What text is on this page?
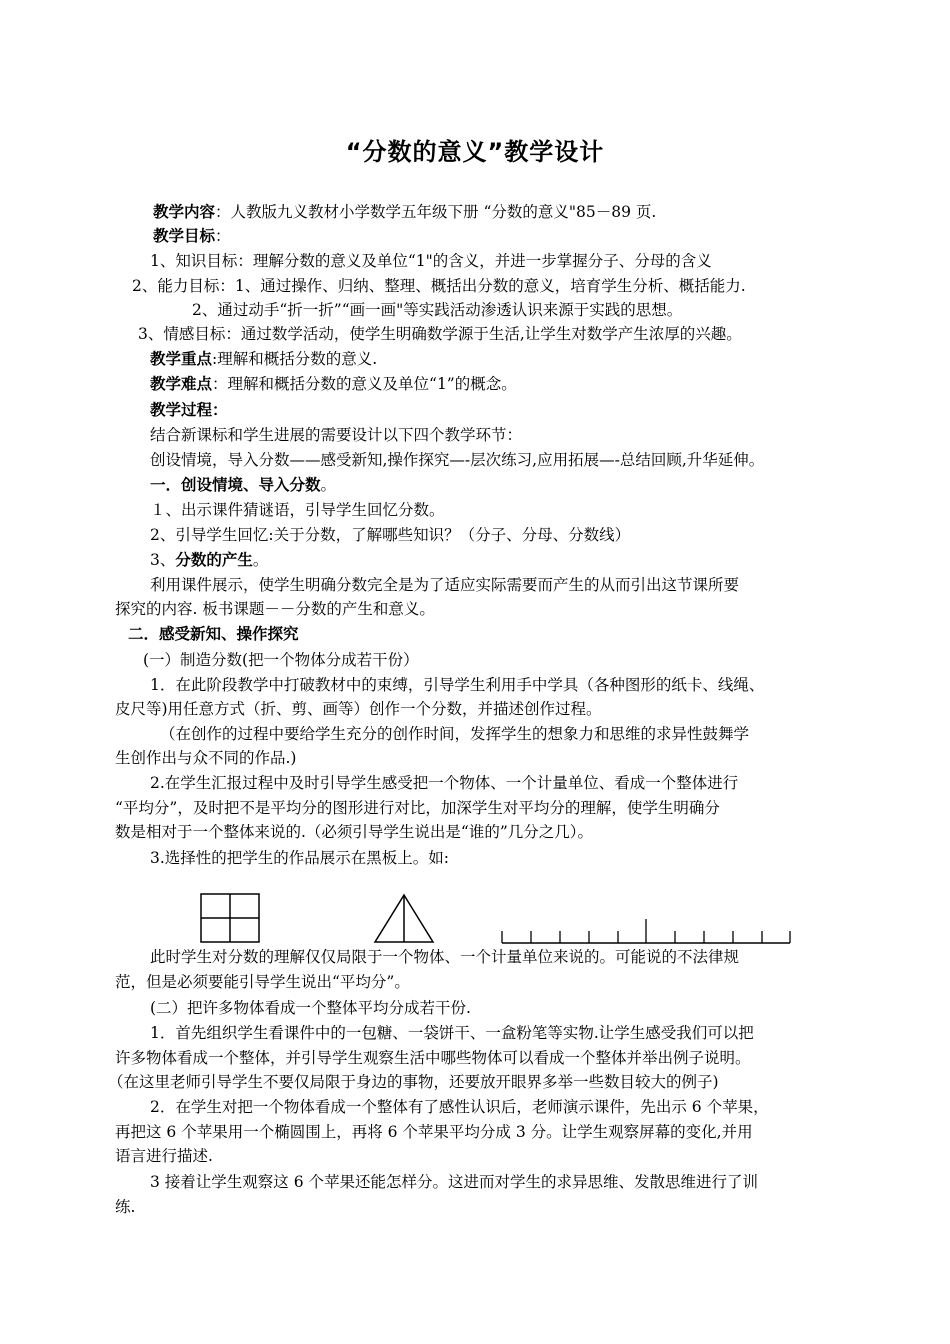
“分数的意义”教学设计
教学内容：人教版九义教材小学数学五年级下册 “分数的意义"85－89 页.
教学目标：
1、知识目标：理解分数的意义及单位“1"的含义，并进一步掌握分子、分母的含义
2、能力目标：1、通过操作、归纳、整理、概括出分数的意义，培育学生分析、概括能力.
2、通过动手“折一折”“画一画"等实践活动渗透认识来源于实践的思想。
3、情感目标：通过数学活动，使学生明确数学源于生活,让学生对数学产生浓厚的兴趣。
教学重点:理解和概括分数的意义.
教学难点：理解和概括分数的意义及单位“1”的概念。
教学过程：
结合新课标和学生进展的需要设计以下四个教学环节：
创设情境，导入分数——感受新知,操作探究—-层次练习,应用拓展—-总结回顾,升华延伸。
一．创设情境、导入分数。
１、出示课件猜谜语，引导学生回忆分数。
2、引导学生回忆:关于分数，了解哪些知识？（分子、分母、分数线）
3、分数的产生。
利用课件展示，使学生明确分数完全是为了适应实际需要而产生的从而引出这节课所要
探究的内容. 板书课题－－分数的产生和意义。
二．感受新知、操作探究
(一）制造分数(把一个物体分成若干份）
1．在此阶段教学中打破教材中的束缚，引导学生利用手中学具（各种图形的纸卡、线绳、
皮尺等)用任意方式（折、剪、画等）创作一个分数，并描述创作过程。
（在创作的过程中要给学生充分的创作时间，发挥学生的想象力和思维的求异性鼓舞学
生创作出与众不同的作品.)
2.在学生汇报过程中及时引导学生感受把一个物体、一个计量单位、看成一个整体进行
“平均分”，及时把不是平均分的图形进行对比，加深学生对平均分的理解，使学生明确分
数是相对于一个整体来说的.（必须引导学生说出是“谁的”几分之几）。
3.选择性的把学生的作品展示在黑板上。如:
此时学生对分数的理解仅仅局限于一个物体、一个计量单位来说的。可能说的不法律规
范，但是必须要能引导学生说出“平均分”。
(二）把许多物体看成一个整体平均分成若干份.
1．首先组织学生看课件中的一包糖、一袋饼干、一盒粉笔等实物.让学生感受我们可以把
许多物体看成一个整体，并引导学生观察生活中哪些物体可以看成一个整体并举出例子说明。
（在这里老师引导学生不要仅局限于身边的事物，还要放开眼界多举一些数目较大的例子)
2．在学生对把一个物体看成一个整体有了感性认识后，老师演示课件，先出示 6 个苹果，
再把这 6 个苹果用一个椭圆围上，再将 6 个苹果平均分成 3 分。让学生观察屏幕的变化,并用
语言进行描述.
3 接着让学生观察这 6 个苹果还能怎样分。这进而对学生的求异思维、发散思维进行了训
练.
